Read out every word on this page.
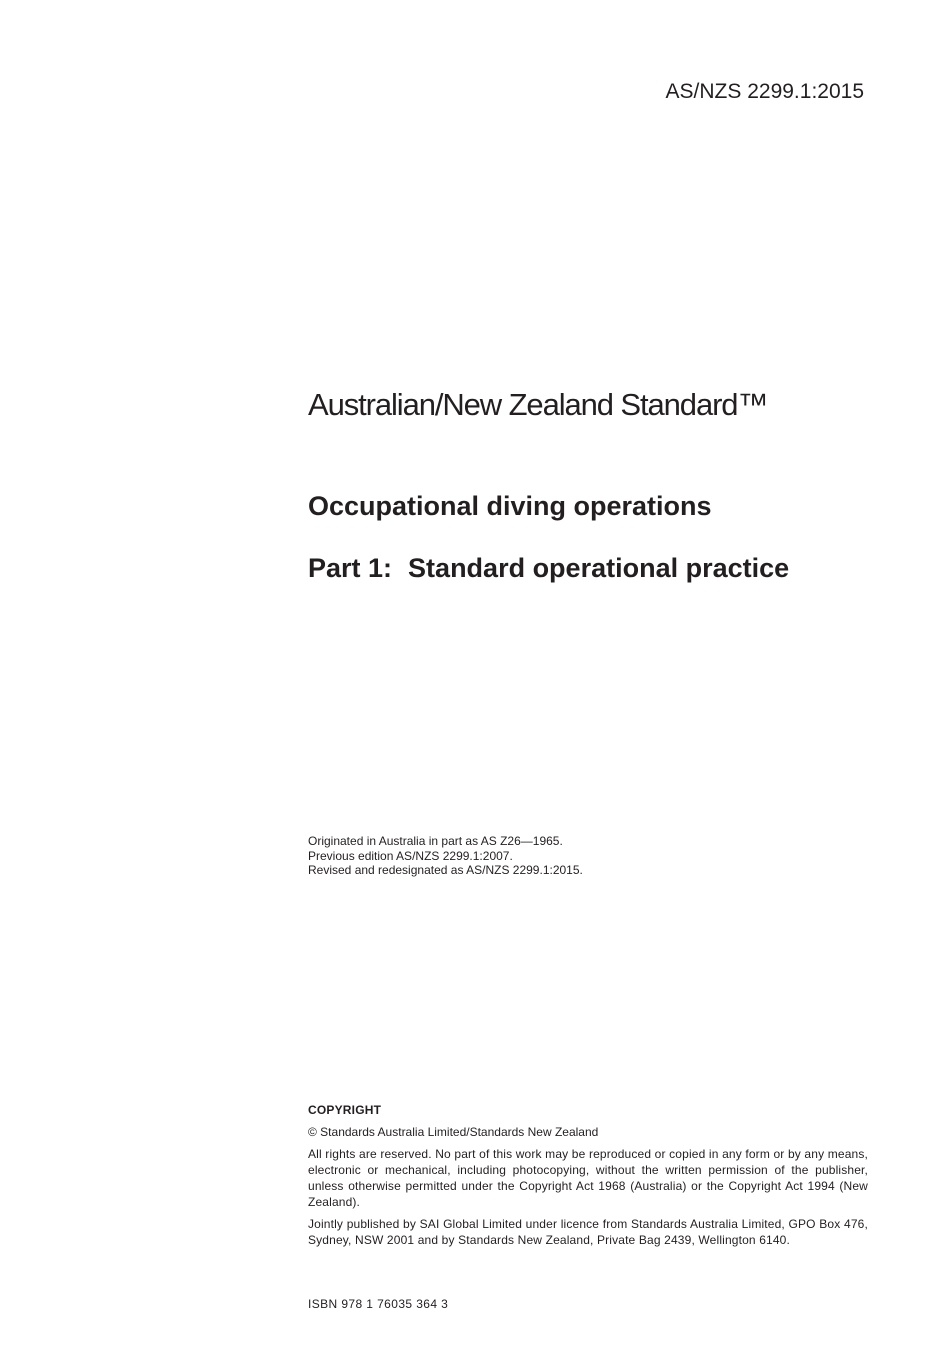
AS/NZS 2299.1:2015
Australian/New Zealand Standard™
Occupational diving operations
Part 1: Standard operational practice
Originated in Australia in part as AS Z26—1965.
Previous edition AS/NZS 2299.1:2007.
Revised and redesignated as AS/NZS 2299.1:2015.
COPYRIGHT
© Standards Australia Limited/Standards New Zealand

All rights are reserved. No part of this work may be reproduced or copied in any form or by any means, electronic or mechanical, including photocopying, without the written permission of the publisher, unless otherwise permitted under the Copyright Act 1968 (Australia) or the Copyright Act 1994 (New Zealand).

Jointly published by SAI Global Limited under licence from Standards Australia Limited, GPO Box 476, Sydney, NSW 2001 and by Standards New Zealand, Private Bag 2439, Wellington 6140.

ISBN 978 1 76035 364 3
